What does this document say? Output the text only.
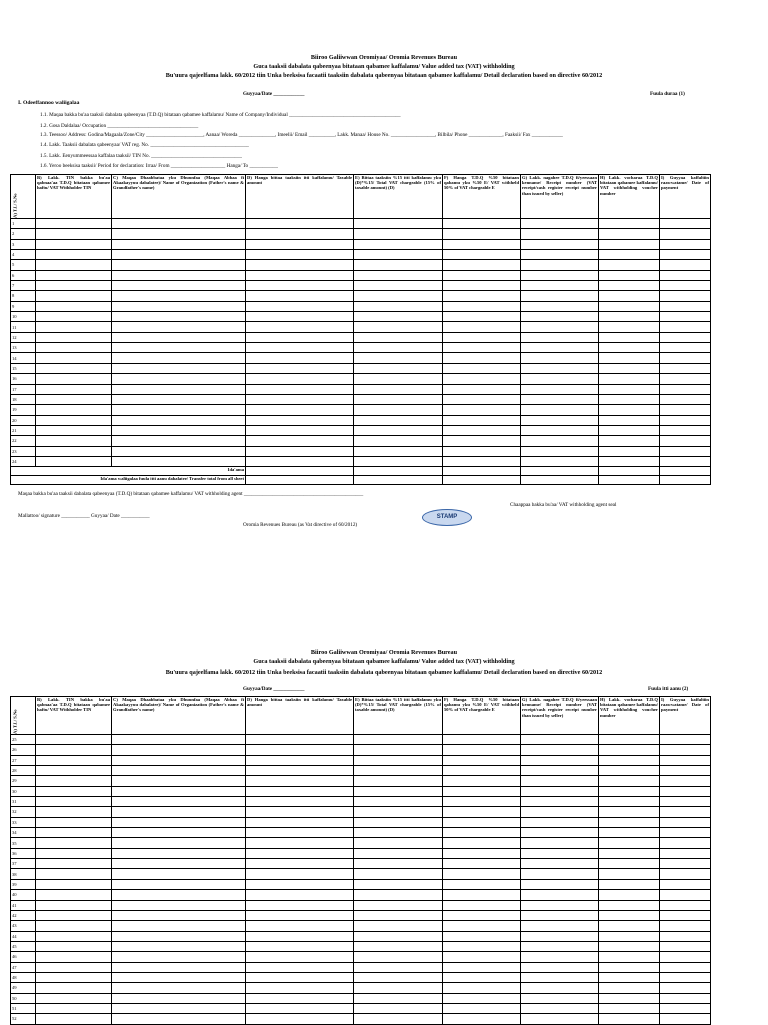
Biiroo Galiiwwan Oromiyaa/ Oromia Revenues Bureau
Guca taaksii dabalata qabeenyaa bitataan qabamee kaffalamu/ Value added tax (VAT) withholding
Bu'uura qajeelfama lakk. 60/2012 tiin Unka beeksisa facaatii taaksiin dabalata qabeenyaa bitataan qabamee kaffalamu/ Detail declaration based on directive 60/2012
Guyyaa/Date ____________	Fuula duraa (1)
I. Odeeffannoo waliigalaa
1.1. Maqaa bakka bu'aa taaksii dabalata qabeenyaa (T.D.Q) bitataan qabamee kaffalamu/ Name of Company/Individual ___________________________________________
1.2. Gosa Daldalaa/ Occupation ___________________________________
1.3. Teessoo/ Address: Godina/Magaala/Zone/City ______________________, Aanaa/ Woreda ______________, Imeelii/ Email __________, Lakk. Manaa/ House No. _________________, Bilbila/ Phone _____________, Faaksii/ Fax ____________
1.4. Lakk. Taaksii dabalata qabeenyaa/ VAT reg. No. ______________________________________
1.5. Lakk. Eenyummeessaa kaffalaa taaksii/ TIN No. ___________________________________
1.6. Yeroo beeksisa taaksii/ Period for declaration: Irraa/ From _____________________ Hanga/ To ___________
A) T.L/ S.No	B) Lakk. TIN bakka bu'aa qabnaa'aa T.D.Q bitataan qabamee haftu/ VAT Withholder TIN	C) Maqaa Dhaabbataa yku Dhuunfaa (Maqaa Abbaa fi Akaakayyuu dabalatee)/ Name of Organization (Father's name & Grandfather's name)	D) Hanga bittaa taaksiin itti kaffalamu/ Taxable amount	E) Bittaa taaksiin %15 itti kaffalamu yku (D)*%15/ Total VAT chargeable (15% of taxable amount) (D)	F) Hanga T.D.Q %50 bitataan qabamu yku %50 E/ VAT withheld 50% of VAT chargeable E	G) Lakk. nagahee T.D.Q fi/yeessaan kenname/ Receipt number (VAT receipt/cash register receipt number than issued by seller)	H) Lakk. vocharaa T.D.Q bitataan qabamee kaffalamu/ VAT withholding voucher number	I) Guyyaa kaffaltiin raawwatame/ Date of payment
1								
2								
3								
4								
5								
6								
7								
8								
9								
10								
11								
12								
13								
14								
15								
16								
17								
18								
19								
20								
21								
22								
23								
24								
Ida'ama								
Ida'ama waliigalaa fuula itti aanu dabalatee/ Transfer total from all sheet								
Maqaa bakka bu'aa taaksii dabalata qabeenyaa (T.D.Q) bitataan qabamee kaffalamu/ VAT withholding agent ______________________________________________
Chaappaa bakka bu'aa/ VAT withholding agent seal
Mallattoo/ signature ___________ Guyyaa/ Date ___________	STAMP
Oromia Revenues Bureau (as Vat directive of 60/2012)
Biiroo Galiiwwan Oromiyaa/ Oromia Revenues Bureau
Guca taaksii dabalata qabeenyaa bitataan qabamee kaffalamu/ Value added tax (VAT) withholding
Bu'uura qajeelfama lakk. 60/2012 tiin Unka beeksisa facaatii taaksiin dabalata qabeenyaa bitataan qabamee kaffalamu/ Detail declaration based on directive 60/2012
Guyyaa/Date ____________	Fuula itti aanu (2)
A) T.L/ S.No	B) Lakk. TIN bakka bu'aa qabnaa'aa T.D.Q bitataan qabamee haftu/ VAT Withholder TIN	C) Maqaa Dhaabbataa yku Dhuunfaa (Maqaa Abbaa fi Akaakayyuu dabalatee)/ Name of Organization (Father's name & Grandfather's name)	D) Hanga bittaa taaksiin itti kaffalamu/ Taxable amount	E) Bittaa taaksiin %15 itti kaffalamu yku (D)*%15/ Total VAT chargeable (15% of taxable amount) (D)	F) Hanga T.D.Q %50 bitataan qabamu yku %50 E/ VAT withheld 50% of VAT chargeable E	G) Lakk. nagahee T.D.Q fi/yeessaan kenname/ Receipt number (VAT receipt/cash register receipt number than issued by seller)	H) Lakk. vocharaa T.D.Q bitataan qabamee kaffalamu/ VAT withholding voucher number	I) Guyyaa kaffaltiin raawwatame/ Date of payment
25								
26								
27								
28								
29								
30								
31								
32								
33								
34								
35								
36								
37								
38								
39								
40								
41								
42								
43								
44								
45								
46								
47								
48								
49								
50								
51								
52								
